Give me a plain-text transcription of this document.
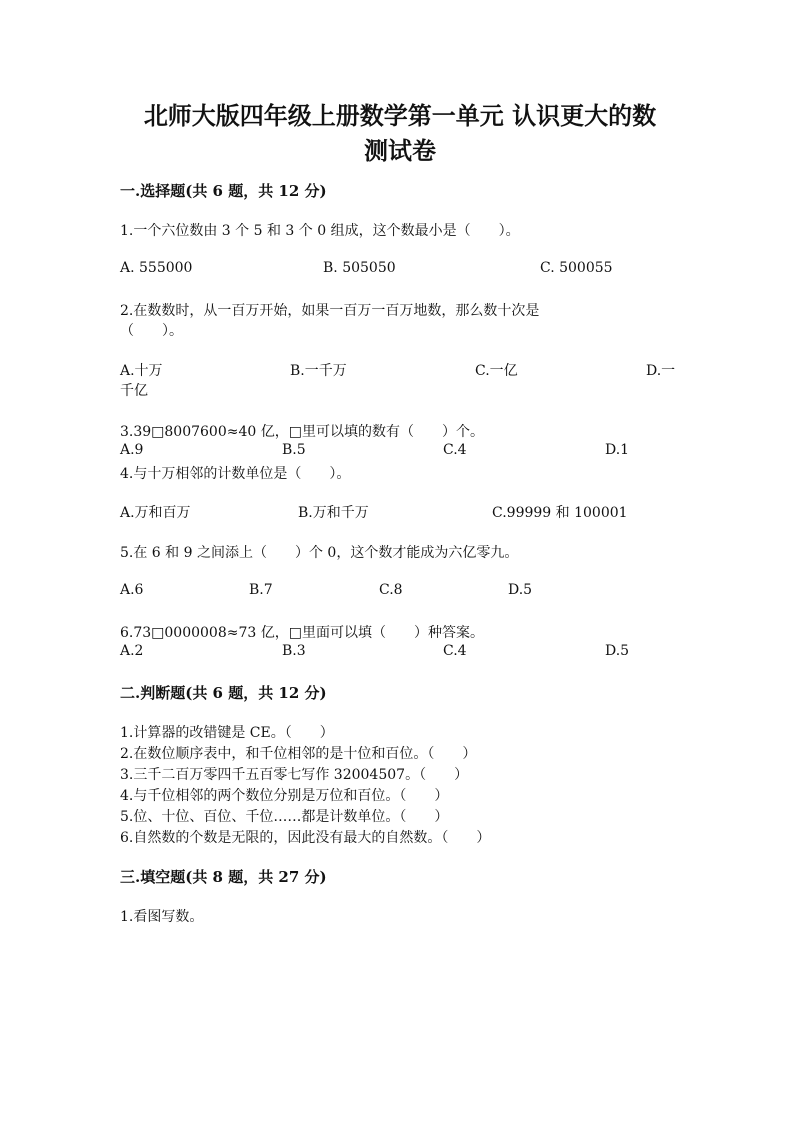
北师大版四年级上册数学第一单元 认识更大的数
测试卷
一.选择题(共 6 题，共 12 分)
1.一个六位数由 3 个 5 和 3 个 0 组成，这个数最小是（　　）。
A. 555000	B. 505050	C. 500055
2.在数数时，从一百万开始，如果一百万一百万地数，那么数十次是
（　　）。
A.十万	B.一千万	C.一亿	D.一
千亿
3.39□8007600≈40 亿，□里可以填的数有（　　）个。
A.9	B.5	C.4	D.1
4.与十万相邻的计数单位是（　　）。
A.万和百万	B.万和千万	C.99999 和 100001
5.在 6 和 9 之间添上（　　）个 0，这个数才能成为六亿零九。
A.6	B.7	C.8	D.5
6.73□0000008≈73 亿，□里面可以填（　　）种答案。
A.2	B.3	C.4	D.5
二.判断题(共 6 题，共 12 分)
1.计算器的改错键是 CE。（　　）
2.在数位顺序表中，和千位相邻的是十位和百位。（　　）
3.三千二百万零四千五百零七写作 32004507。（　　）
4.与千位相邻的两个数位分别是万位和百位。（　　）
5.位、十位、百位、千位……都是计数单位。（　　）
6.自然数的个数是无限的，因此没有最大的自然数。（　　）
三.填空题(共 8 题，共 27 分)
1.看图写数。
